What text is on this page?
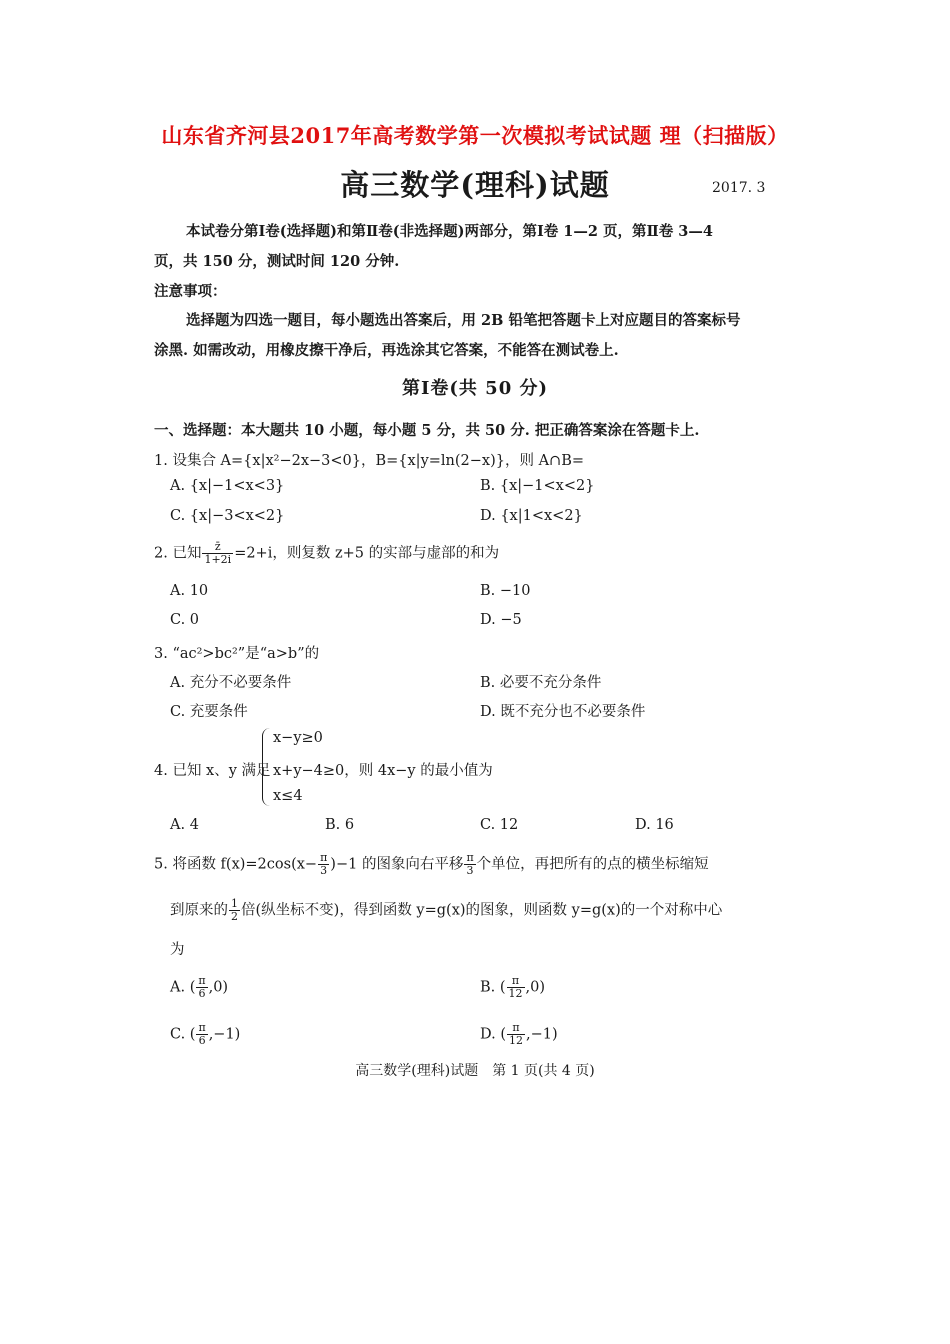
山东省齐河县2017年高考数学第一次模拟考试试题 理（扫描版）
高三数学(理科)试题	2017. 3
本试卷分第Ⅰ卷(选择题)和第Ⅱ卷(非选择题)两部分，第Ⅰ卷 1—2 页，第Ⅱ卷 3—4
页，共 150 分，测试时间 120 分钟.
注意事项：
选择题为四选一题目，每小题选出答案后，用 2B 铅笔把答题卡上对应题目的答案标号
涂黑. 如需改动，用橡皮擦干净后，再选涂其它答案，不能答在测试卷上.
第Ⅰ卷(共 50 分)
一、选择题：本大题共 10 小题，每小题 5 分，共 50 分. 把正确答案涂在答题卡上.
1. 设集合 A={x|x²−2x−3<0}，B={x|y=ln(2−x)}，则 A∩B=
A. {x|−1<x<3}	B. {x|−1<x<2}
C. {x|−3<x<2}	D. {x|1<x<2}
2. 已知 $\frac{z̄}{1+2i} =2+i$，则复数 z+5 的实部与虚部的和为
A. 10	B. −10
C. 0	D. −5
3. “ac²>bc²”是“a>b”的
A. 充分不必要条件	B. 必要不充分条件
C. 充要条件	D. 既不充分也不必要条件
4. 已知 x、y 满足
x−y≥0
x+y−4≥0，则 4x−y 的最小值为
x≤4
A. 4	B. 6	C. 12	D. 16
5. 将函数 $f(x)=2\cos(x- \frac{\pi}{3} )-1$ 的图象向右平移 $\frac{\pi}{3}$ 个单位，再把所有的点的横坐标缩短
到原来的 $\frac{1}{2}$ 倍(纵坐标不变)，得到函数 y=g(x)的图象，则函数 y=g(x)的一个对称中心
为
A. ( $\frac{\pi}{6} ,0$)	B. ( $\frac{\pi}{12} ,0$)
C. ( $\frac{\pi}{6} ,-1$)	D. ( $\frac{\pi}{12} ,-1$)
高三数学(理科)试题　第 1 页(共 4 页)
